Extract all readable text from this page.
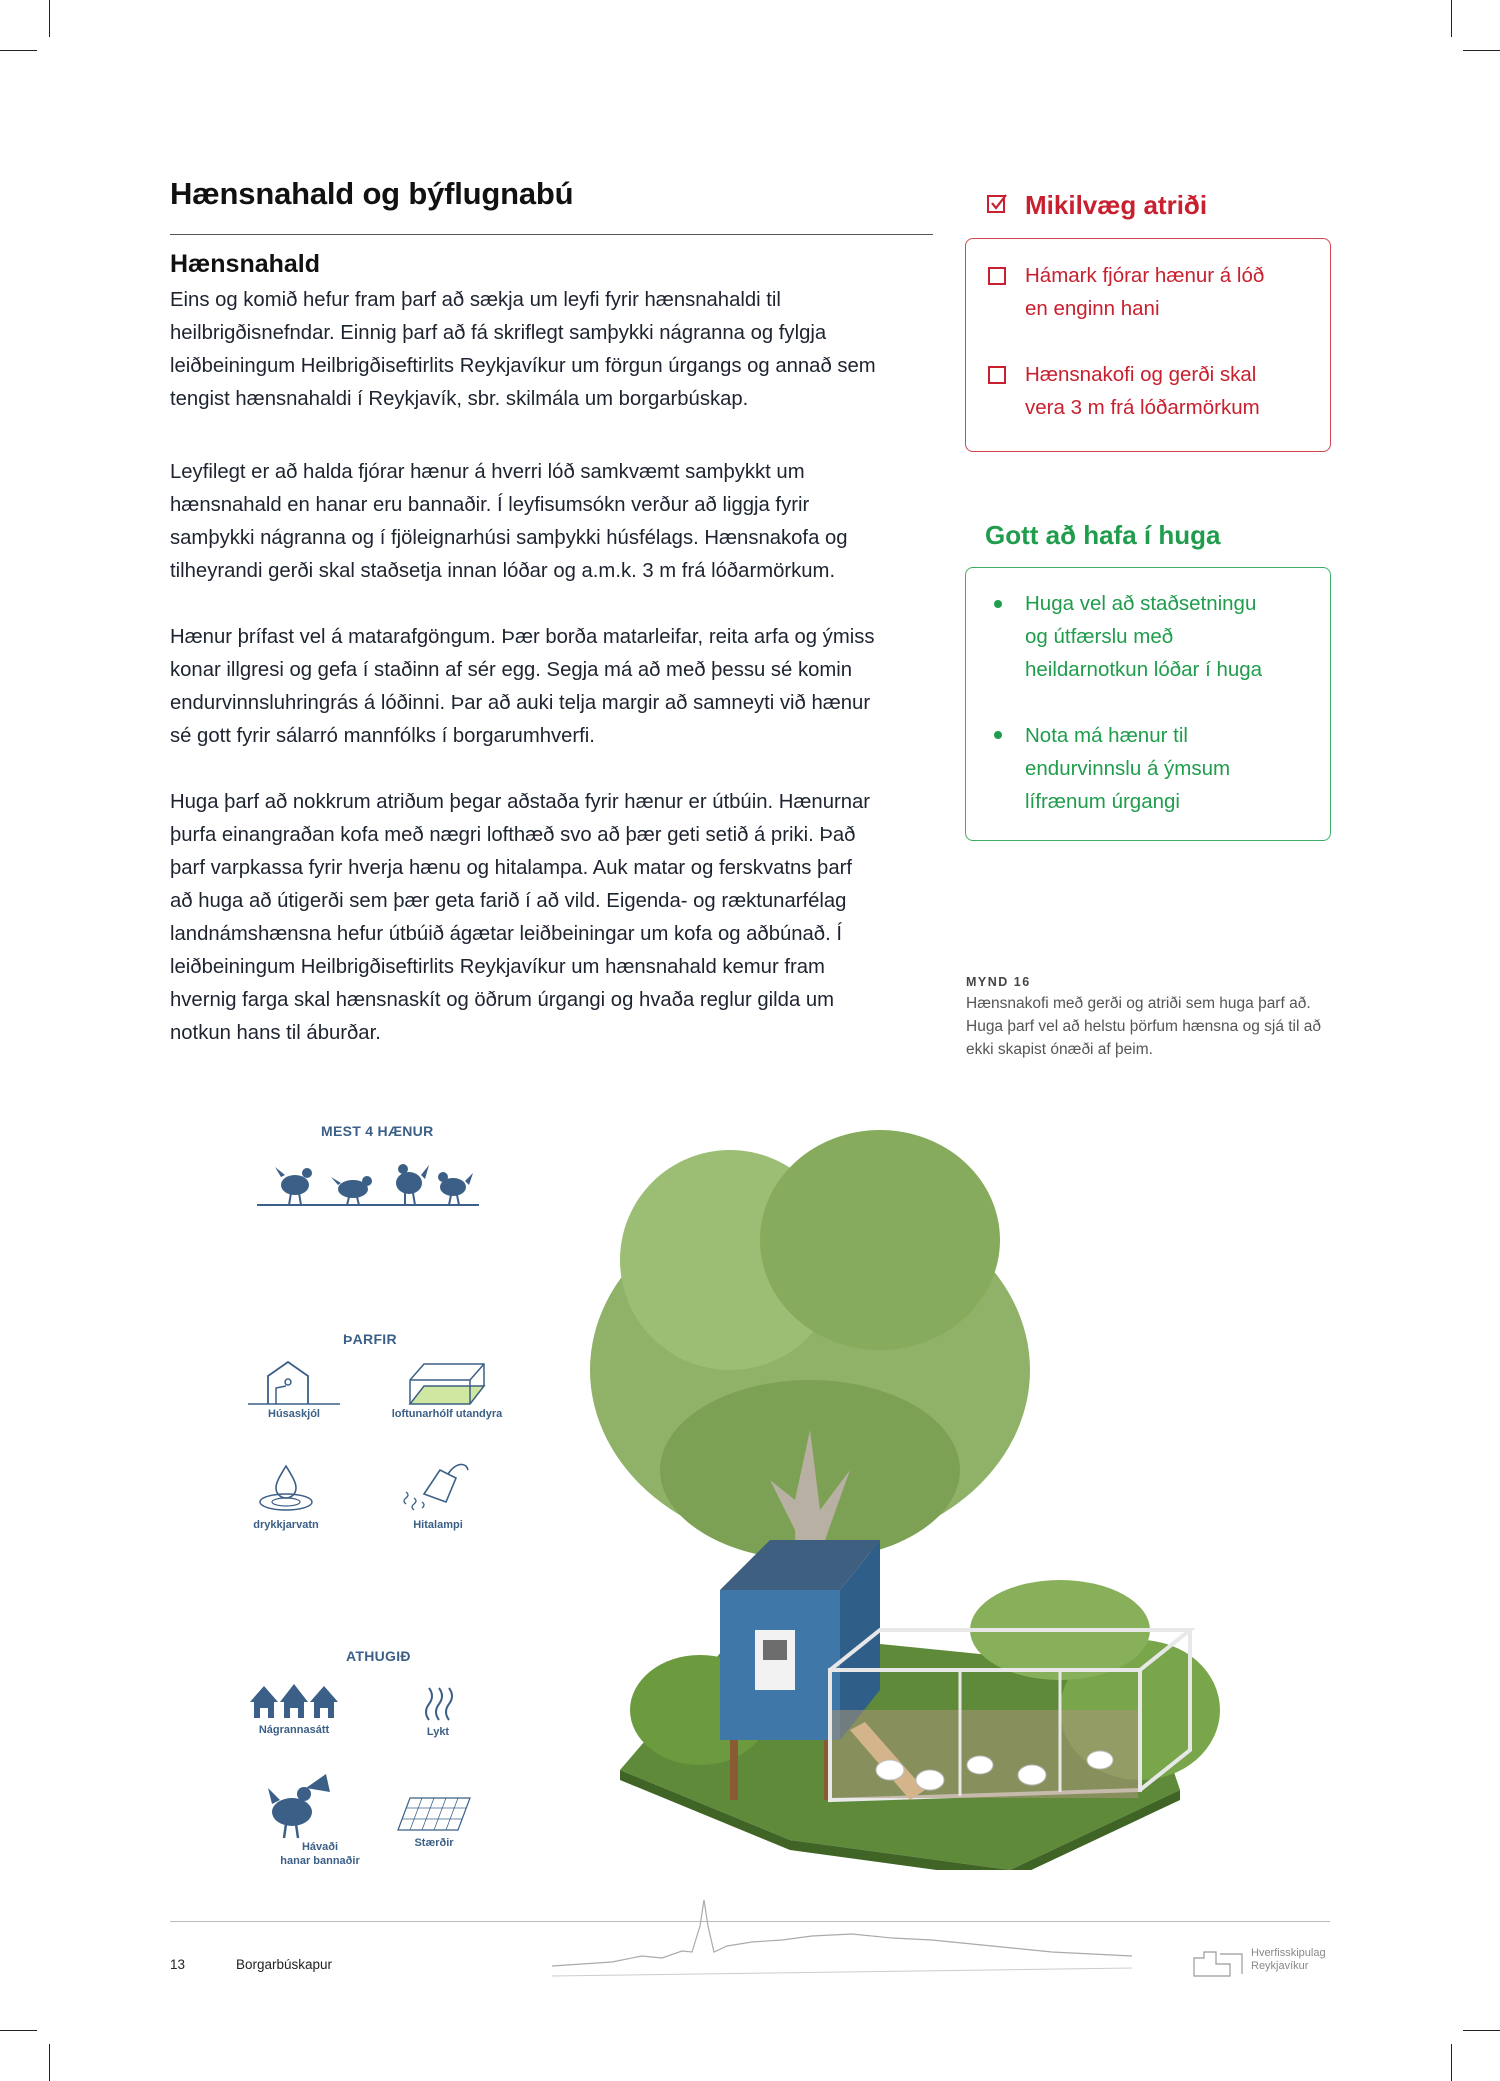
Hænsnahald og býflugnabú
Hænsnahald

Eins og komið hefur fram þarf að sækja um leyfi fyrir hænsnahaldi til
heilbrigðisnefndar. Einnig þarf að fá skriflegt samþykki nágranna og fylgja
leiðbeiningum Heilbrigðiseftirlits Reykjavíkur um förgun úrgangs og annað sem
tengist hænsnahaldi í Reykjavík, sbr. skilmála um borgarbúskap.

Leyfilegt er að halda fjórar hænur á hverri lóð samkvæmt samþykkt um
hænsnahald en hanar eru bannaðir. Í leyfisumsókn verður að liggja fyrir
samþykki nágranna og í fjöleignarhúsi samþykki húsfélags. Hænsnakofa og
tilheyrandi gerði skal staðsetja innan lóðar og a.m.k. 3 m frá lóðarmörkum.

Hænur þrífast vel á matarafgöngum. Þær borða matarleifar, reita arfa og ýmiss
konar illgresi og gefa í staðinn af sér egg. Segja má að með þessu sé komin
endurvinnsluhringrás á lóðinni. Þar að auki telja margir að samneyti við hænur
sé gott fyrir sálarró mannfólks í borgarumhverfi.

Huga þarf að nokkrum atriðum þegar aðstaða fyrir hænur er útbúin. Hænurnar
þurfa einangraðan kofa með nægri lofthæð svo að þær geti setið á priki. Það
þarf varpkassa fyrir hverja hænu og hitalampa. Auk matar og ferskvatns þarf
að huga að útigerði sem þær geta farið í að vild. Eigenda- og ræktunarfélag
landnámshænsna hefur útbúið ágætar leiðbeiningar um kofa og aðbúnað. Í
leiðbeiningum Heilbrigðiseftirlits Reykjavíkur um hænsnahald kemur fram
hvernig farga skal hænsnaskít og öðrum úrgangi og hvaða reglur gilda um
notkun hans til áburðar.

Mikilvæg atriði
Hámark fjórar hænur á lóð
en enginn hani
Hænsnakofi og gerði skal
vera 3 m frá lóðarmörkum
Gott að hafa í huga
Huga vel að staðsetningu
og útfærslu með
heildarnotkun lóðar í huga
Nota má hænur til
endurvinnslu á ýmsum
lífrænum úrgangi
MYND 16
Hænsnakofi með gerði og atriði sem huga þarf að. Huga þarf vel að helstu þörfum hænsna og sjá til að ekki skapist ónæði af þeim.
MEST 4 HÆNUR
ÞARFIR
Húsaskjól	loftunarhólf utandyra
drykkjarvatn	Hitalampi
ATHUGIÐ
Nágrannasátt	Lykt
Hávaði
hanar bannaðir
Stærðir
13	Borgarbúskapur
Hverfisskipulag
Reykjavíkur
